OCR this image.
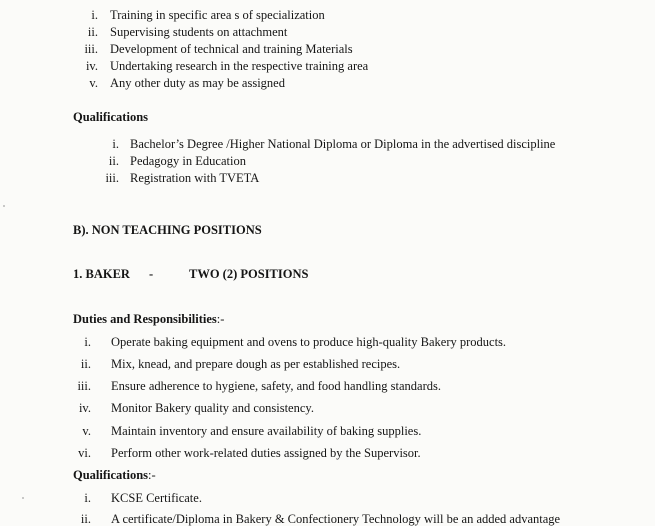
i. Training in specific area s of specialization
ii. Supervising students on attachment
iii. Development of technical and training Materials
iv. Undertaking research in the respective training area
v. Any other duty as may be assigned
Qualifications
i. Bachelor’s Degree /Higher National Diploma or Diploma in the advertised discipline
ii. Pedagogy in Education
iii. Registration with TVETA
B). NON TEACHING POSITIONS
1. BAKER -	TWO (2) POSITIONS
Duties and Responsibilities:-
i. Operate baking equipment and ovens to produce high-quality Bakery products.
ii. Mix, knead, and prepare dough as per established recipes.
iii. Ensure adherence to hygiene, safety, and food handling standards.
iv. Monitor Bakery quality and consistency.
v. Maintain inventory and ensure availability of baking supplies.
vi. Perform other work-related duties assigned by the Supervisor.
Qualifications:-
i. KCSE Certificate.
ii. A certificate/Diploma in Bakery & Confectionery Technology will be an added advantage
